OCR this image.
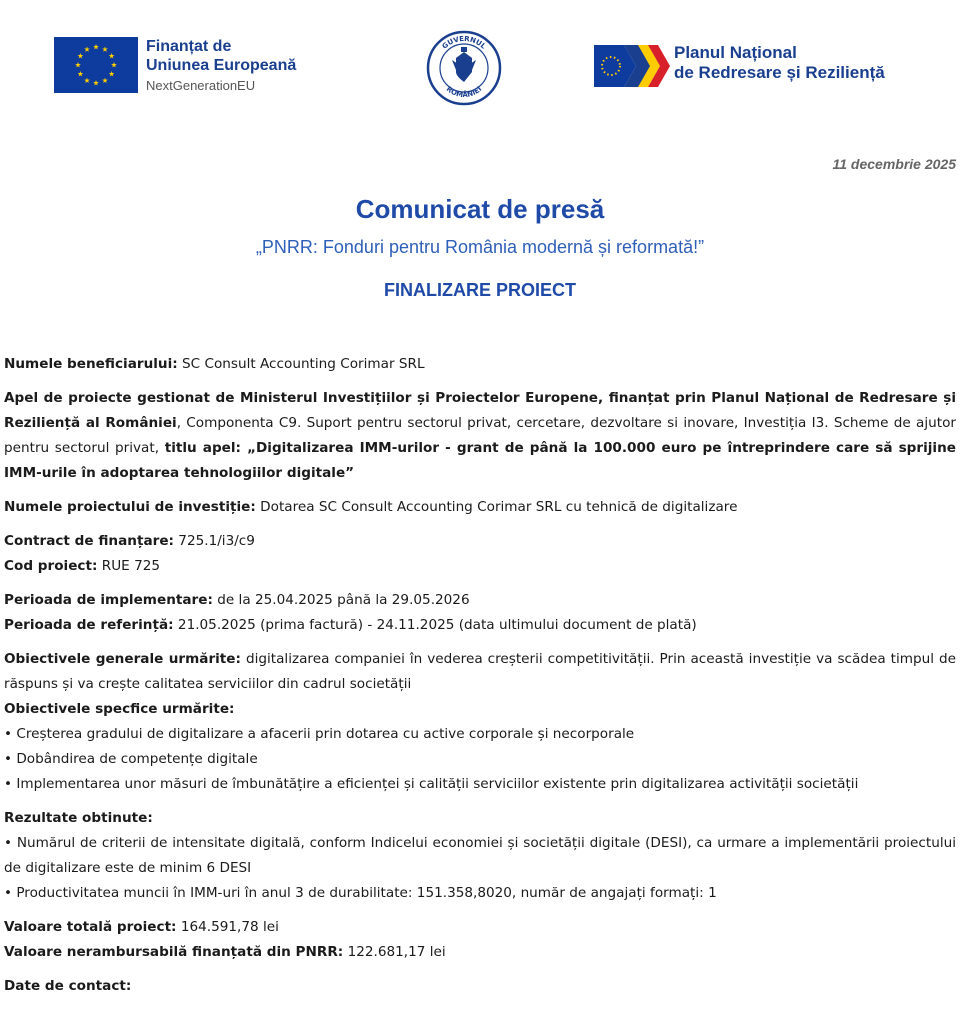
Finanțat de
Uniunea Europeană
NextGenerationEU
GUVERNUL
ROMÂNIEI
Planul Național
de Redresare și Reziliență
11 decembrie 2025
Comunicat de presă
„PNRR: Fonduri pentru România modernă și reformată!”
FINALIZARE PROIECT

Numele beneficiarului: SC Consult Accounting Corimar SRL

Apel de proiecte gestionat de Ministerul Investițiilor și Proiectelor Europene, finanțat prin Planul Național de Redresare și Reziliență al României, Componenta C9. Suport pentru sectorul privat, cercetare, dezvoltare si inovare, Investiția I3. Scheme de ajutor pentru sectorul privat, titlu apel: „Digitalizarea IMM-urilor - grant de până la 100.000 euro pe întreprindere care să sprijine IMM-urile în adoptarea tehnologiilor digitale”

Numele proiectului de investiție: Dotarea SC Consult Accounting Corimar SRL cu tehnică de digitalizare

Contract de finanțare: 725.1/i3/c9

Cod proiect: RUE 725

Perioada de implementare: de la 25.04.2025 până la 29.05.2026

Perioada de referință: 21.05.2025 (prima factură) - 24.11.2025 (data ultimului document de plată)

Obiectivele generale urmărite: digitalizarea companiei în vederea creșterii competitivității. Prin această investiție va scădea timpul de răspuns și va crește calitatea serviciilor din cadrul societății

Obiectivele specfice urmărite:

• Creșterea gradului de digitalizare a afacerii prin dotarea cu active corporale și necorporale

• Dobândirea de competențe digitale

• Implementarea unor măsuri de îmbunătățire a eficienței și calității serviciilor existente prin digitalizarea activității societății

Rezultate obtinute:

• Numărul de criterii de intensitate digitală, conform Indicelui economiei și societății digitale (DESI), ca urmare a implementării proiectului de digitalizare este de minim 6 DESI

• Productivitatea muncii în IMM-uri în anul 3 de durabilitate: 151.358,8020, număr de angajați formați: 1

Valoare totală proiect: 164.591,78 lei

Valoare nerambursabilă finanțată din PNRR: 122.681,17 lei

Date de contact:
